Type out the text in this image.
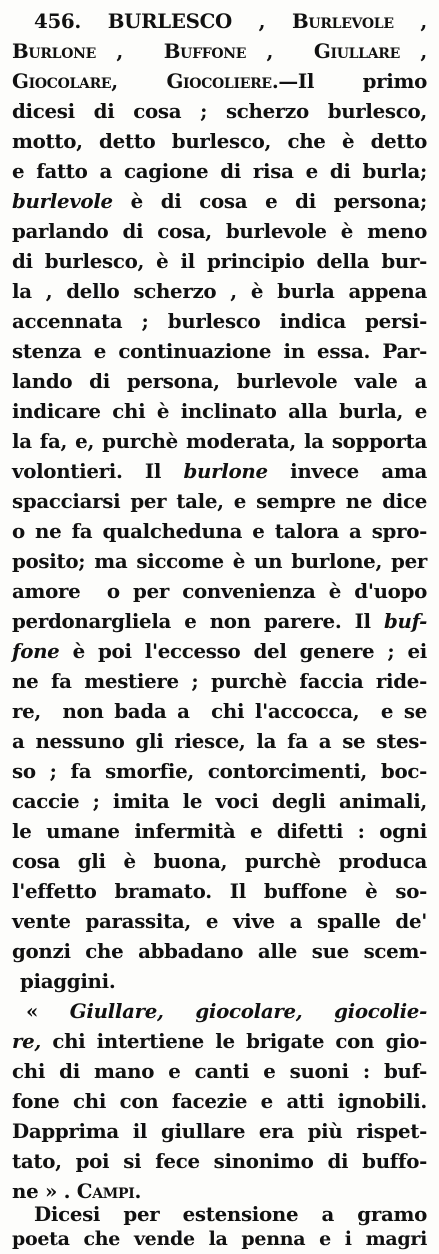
456. BURLESCO , Burlevole ,
Burlone ,  Buffone ,  Giullare ,
Giocolare, Giocoliere.—Il primo
dicesi di cosa ; scherzo burlesco,
motto, detto burlesco, che è detto
e fatto a cagione di risa e di burla;
burlevole è di cosa e di persona;
parlando di cosa, burlevole è meno
di burlesco, è il principio della bur-
la , dello scherzo , è burla appena
accennata ; burlesco indica persi-
stenza e continuazione in essa. Par-
lando di persona, burlevole vale a
indicare chi è inclinato alla burla, e
la fa, e, purchè moderata, la sopporta
volontieri. Il burlone invece ama
spacciarsi per tale, e sempre ne dice
o ne fa qualcheduna e talora a spro-
posito; ma siccome è un burlone, per
amore  o per convenienza è d'uopo
perdonargliela e non parere. Il buf-
fone è poi l'eccesso del genere ; ei
ne fa mestiere ; purchè faccia ride-
re,  non bada a  chi l'accocca,  e se
a nessuno gli riesce, la fa a se stes-
so ; fa smorfie, contorcimenti, boc-
caccie ; imita le voci degli animali,
le umane infermità e difetti : ogni
cosa gli è buona, purchè produca
l'effetto bramato. Il buffone è so-
vente parassita, e vive a spalle de'
gonzi che abbadano alle sue scem-
piaggini.
« Giullare, giocolare, giocolie-
re, chi intertiene le brigate con gio-
chi di mano e canti e suoni : buf-
fone chi con facezie e atti ignobili.
Dapprima il giullare era più rispet-
tato, poi si fece sinonimo di buffo-
ne » . Campi.
Dicesi per estensione a gramo
poeta che vende la penna e i magri
